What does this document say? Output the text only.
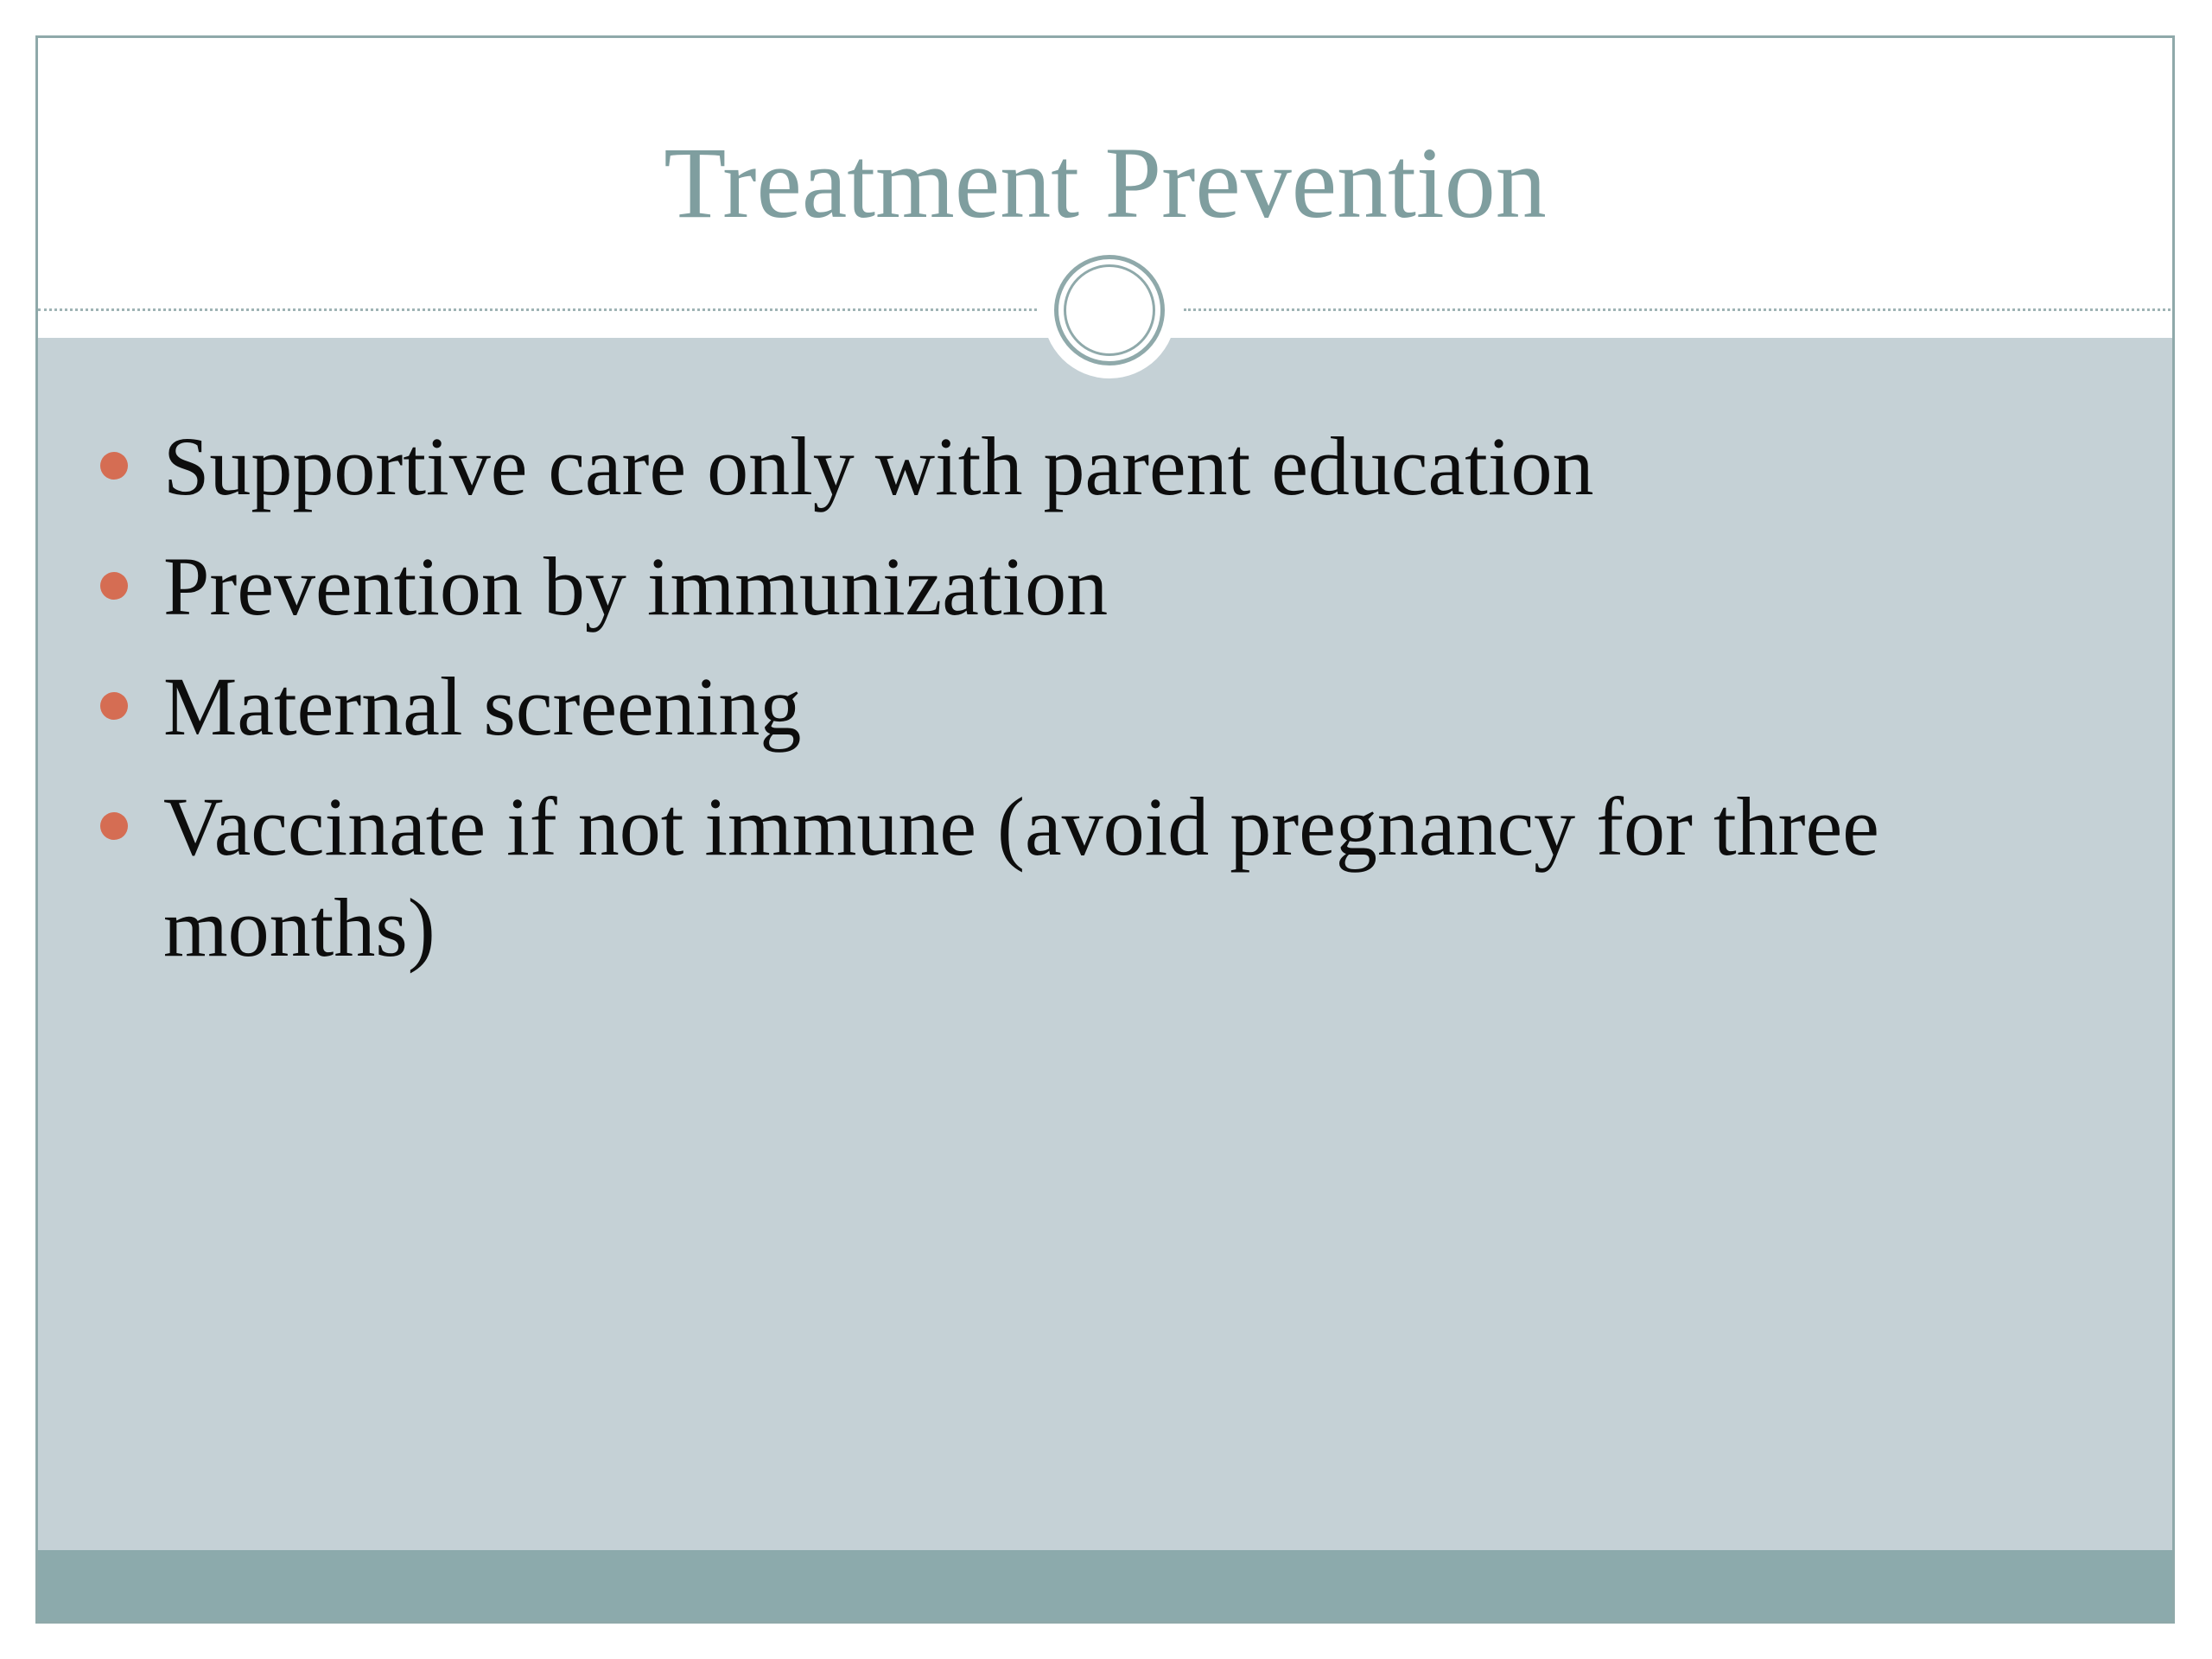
Treatment Prevention
Supportive care only with parent education
Prevention by immunization
Maternal screening
Vaccinate if not immune (avoid pregnancy for three months)
